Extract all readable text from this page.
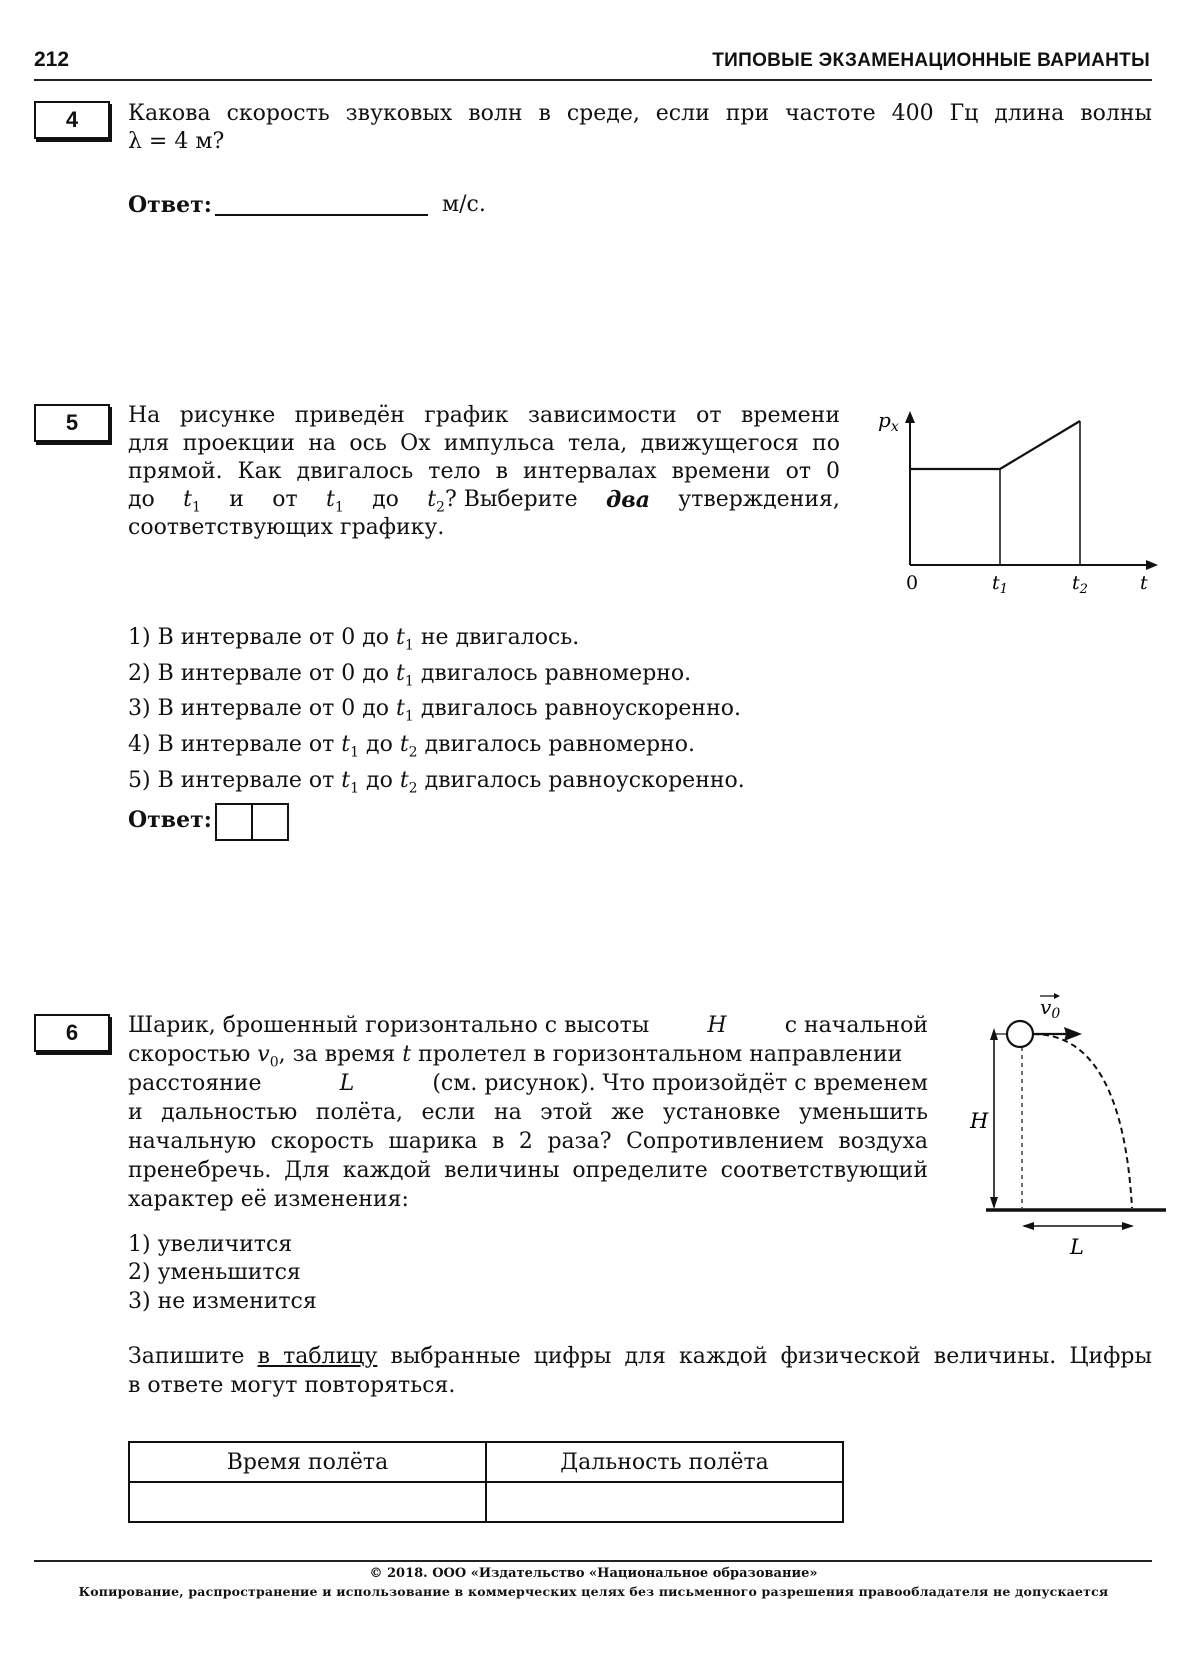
212	ТИПОВЫЕ ЭКЗАМЕНАЦИОННЫЕ ВАРИАНТЫ
4	Какова скорость звуковых волн в среде, если при частоте 400 Гц длина волны
λ = 4 м?
Ответ:	м/с.
5	На рисунке приведён график зависимости от времени
для проекции на ось Ox импульса тела, движущегося по
прямой. Как двигалось тело в интервалах времени от 0
до $t_1$ и от $t_1$ до $t_2$? Выберите два утверждения,
соответствующих графику.
$p_x$
0	$t_1$	$t_2$	t
1) В интервале от 0 до $t_1$ не двигалось.
2) В интервале от 0 до $t_1$ двигалось равномерно.
3) В интервале от 0 до $t_1$ двигалось равноускоренно.
4) В интервале от $t_1$ до $t_2$ двигалось равномерно.
5) В интервале от $t_1$ до $t_2$ двигалось равноускоренно.
Ответ:
6	Шарик, брошенный горизонтально с высоты	H	с начальной
скоростью $v_0$, за время t пролетел в горизонтальном направлении
расстояние	L	(см. рисунок). Что произойдёт с временем
и дальностью полёта, если на этой же установке уменьшить
начальную скорость шарика в 2 раза? Сопротивлением воздуха
пренебречь. Для каждой величины определите соответствующий
характер её изменения:
$v_0$
H
L
1) увеличится
2) уменьшится
3) не изменится
Запишите в таблицу выбранные цифры для каждой физической величины. Цифры
в ответе могут повторяться.
Время полёта	Дальность полёта

© 2018. ООО «Издательство «Национальное образование»
Копирование, распространение и использование в коммерческих целях без письменного разрешения правообладателя не допускается
